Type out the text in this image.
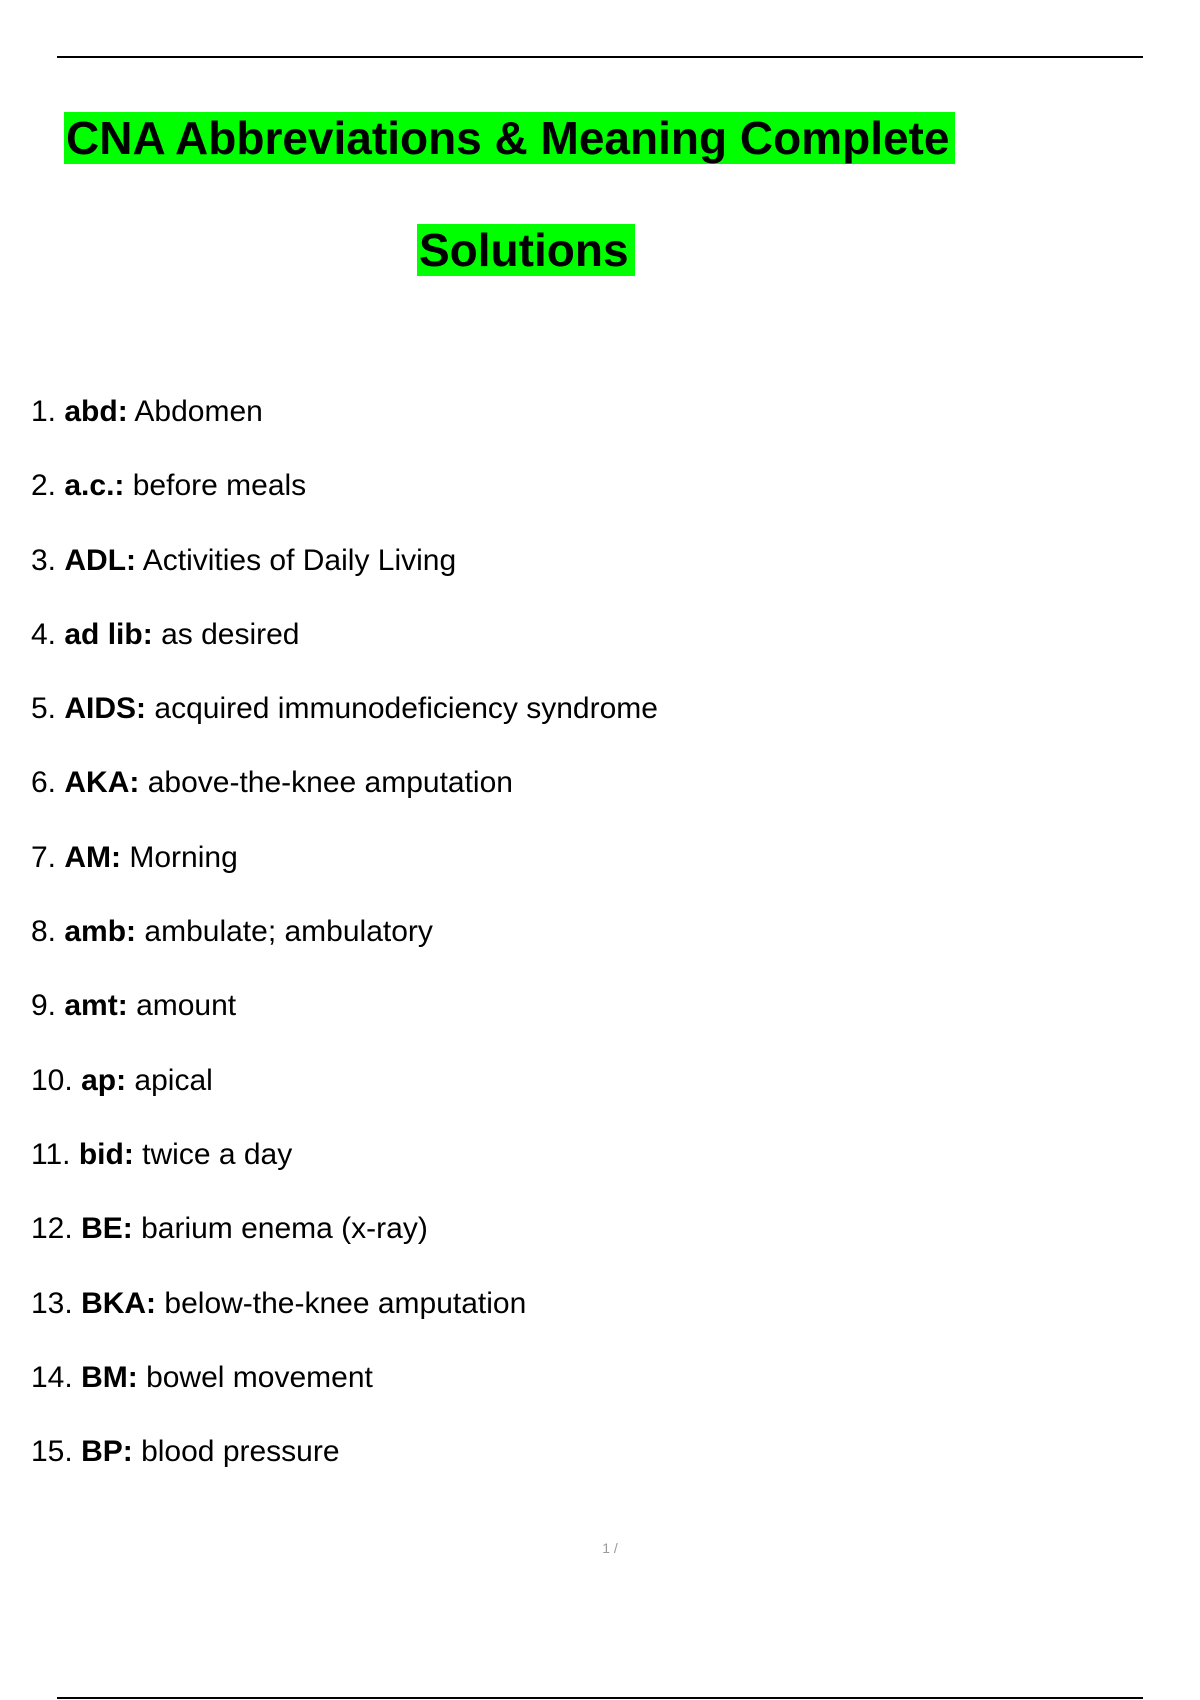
CNA Abbreviations & Meaning Complete
Solutions
1. abd: Abdomen
2. a.c.: before meals
3. ADL: Activities of Daily Living
4. ad lib: as desired
5. AIDS: acquired immunodeficiency syndrome
6. AKA: above-the-knee amputation
7. AM: Morning
8. amb: ambulate; ambulatory
9. amt: amount
10. ap: apical
11. bid: twice a day
12. BE: barium enema (x-ray)
13. BKA: below-the-knee amputation
14. BM: bowel movement
15. BP: blood pressure
1 /
